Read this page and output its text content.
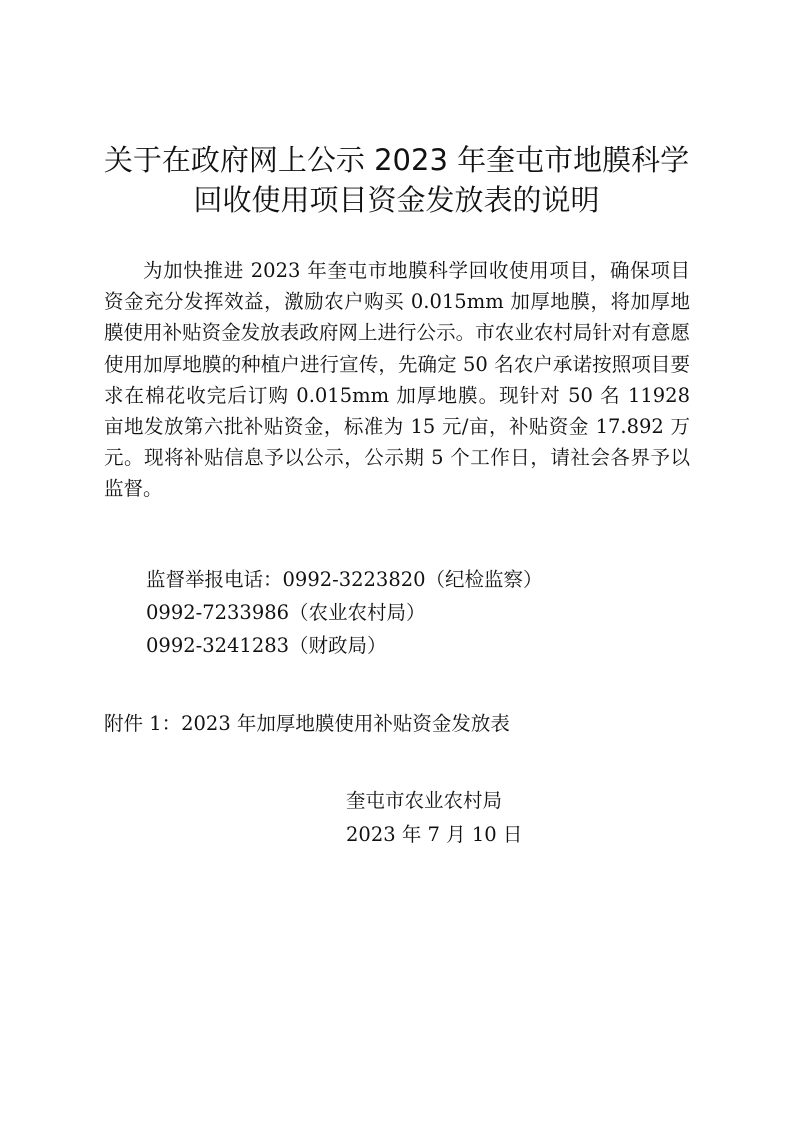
关于在政府网上公示 2023 年奎屯市地膜科学
回收使用项目资金发放表的说明

为加快推进 2023 年奎屯市地膜科学回收使用项目，确保项目资金充分发挥效益，激励农户购买 0.015mm 加厚地膜，将加厚地膜使用补贴资金发放表政府网上进行公示。市农业农村局针对有意愿使用加厚地膜的种植户进行宣传，先确定 50 名农户承诺按照项目要求在棉花收完后订购 0.015mm 加厚地膜。现针对 50 名 11928 亩地发放第六批补贴资金，标准为 15 元/亩，补贴资金 17.892 万元。现将补贴信息予以公示，公示期 5 个工作日，请社会各界予以监督。

监督举报电话：0992-3223820（纪检监察）
0992-7233986（农业农村局）
0992-3241283（财政局）
附件 1：2023 年加厚地膜使用补贴资金发放表
奎屯市农业农村局
2023 年 7 月 10 日
